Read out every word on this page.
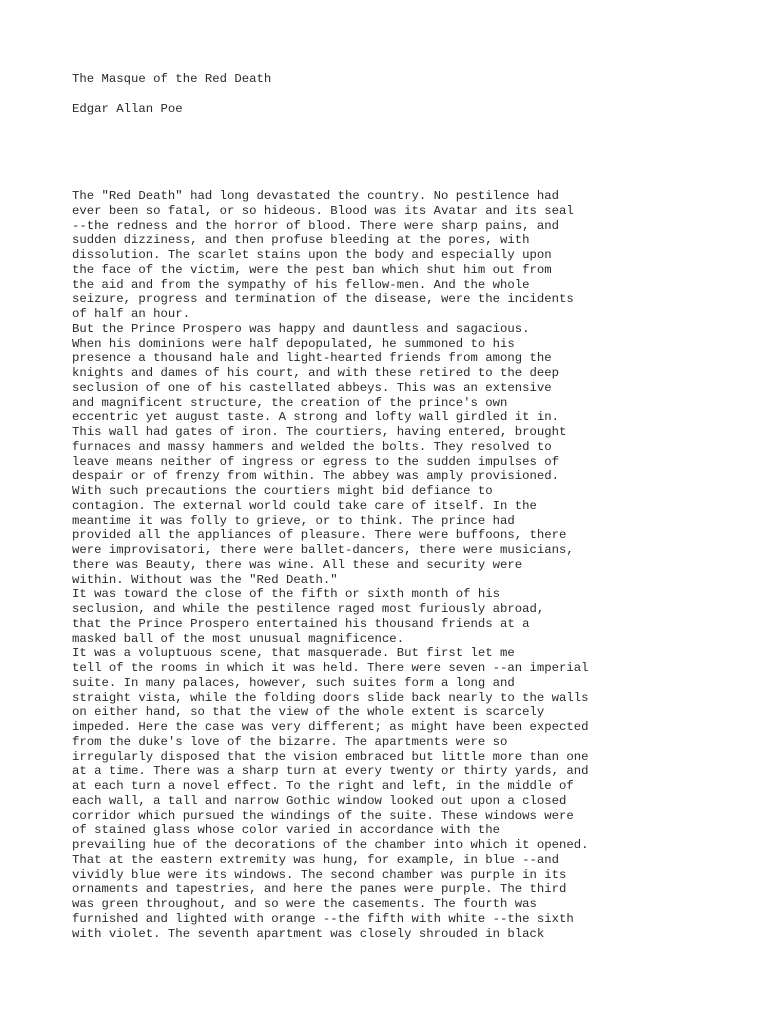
The Masque of the Red Death
Edgar Allan Poe
The "Red Death" had long devastated the country. No pestilence had
ever been so fatal, or so hideous. Blood was its Avatar and its seal
--the redness and the horror of blood. There were sharp pains, and
sudden dizziness, and then profuse bleeding at the pores, with
dissolution. The scarlet stains upon the body and especially upon
the face of the victim, were the pest ban which shut him out from
the aid and from the sympathy of his fellow-men. And the whole
seizure, progress and termination of the disease, were the incidents
of half an hour.
But the Prince Prospero was happy and dauntless and sagacious.
When his dominions were half depopulated, he summoned to his
presence a thousand hale and light-hearted friends from among the
knights and dames of his court, and with these retired to the deep
seclusion of one of his castellated abbeys. This was an extensive
and magnificent structure, the creation of the prince's own
eccentric yet august taste. A strong and lofty wall girdled it in.
This wall had gates of iron. The courtiers, having entered, brought
furnaces and massy hammers and welded the bolts. They resolved to
leave means neither of ingress or egress to the sudden impulses of
despair or of frenzy from within. The abbey was amply provisioned.
With such precautions the courtiers might bid defiance to
contagion. The external world could take care of itself. In the
meantime it was folly to grieve, or to think. The prince had
provided all the appliances of pleasure. There were buffoons, there
were improvisatori, there were ballet-dancers, there were musicians,
there was Beauty, there was wine. All these and security were
within. Without was the "Red Death."
It was toward the close of the fifth or sixth month of his
seclusion, and while the pestilence raged most furiously abroad,
that the Prince Prospero entertained his thousand friends at a
masked ball of the most unusual magnificence.
It was a voluptuous scene, that masquerade. But first let me
tell of the rooms in which it was held. There were seven --an imperial
suite. In many palaces, however, such suites form a long and
straight vista, while the folding doors slide back nearly to the walls
on either hand, so that the view of the whole extent is scarcely
impeded. Here the case was very different; as might have been expected
from the duke's love of the bizarre. The apartments were so
irregularly disposed that the vision embraced but little more than one
at a time. There was a sharp turn at every twenty or thirty yards, and
at each turn a novel effect. To the right and left, in the middle of
each wall, a tall and narrow Gothic window looked out upon a closed
corridor which pursued the windings of the suite. These windows were
of stained glass whose color varied in accordance with the
prevailing hue of the decorations of the chamber into which it opened.
That at the eastern extremity was hung, for example, in blue --and
vividly blue were its windows. The second chamber was purple in its
ornaments and tapestries, and here the panes were purple. The third
was green throughout, and so were the casements. The fourth was
furnished and lighted with orange --the fifth with white --the sixth
with violet. The seventh apartment was closely shrouded in black
